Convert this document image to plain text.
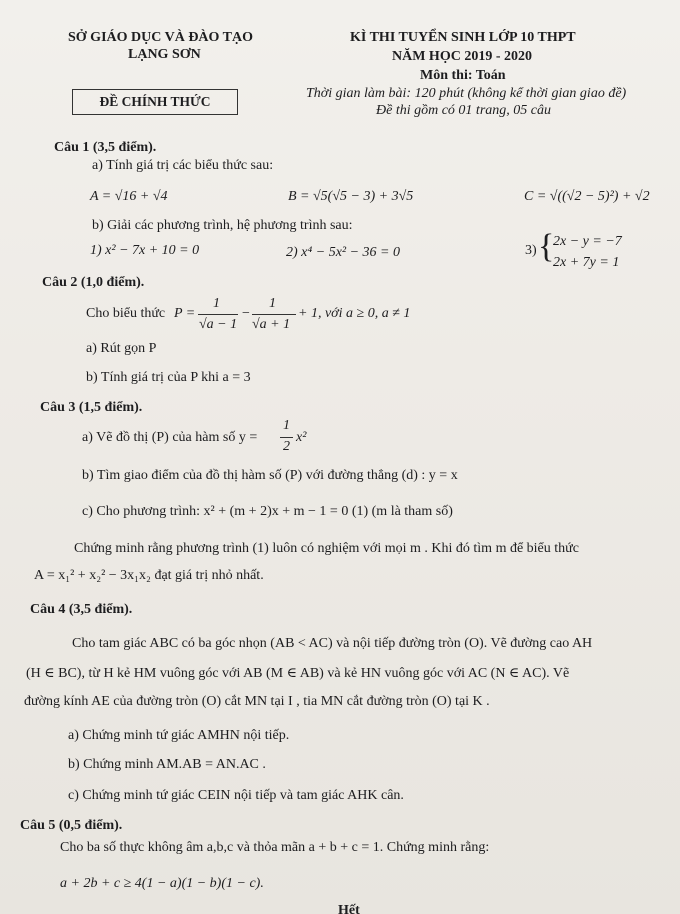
SỞ GIÁO DỤC VÀ ĐÀO TẠO
LẠNG SƠN
ĐỀ CHÍNH THỨC
KÌ THI TUYỂN SINH LỚP 10 THPT
NĂM HỌC 2019 - 2020
Môn thi: Toán
Thời gian làm bài: 120 phút (không kể thời gian giao đề)
Đề thi gồm có 01 trang, 05 câu
Câu 1 (3,5 điểm).
a) Tính giá trị các biểu thức sau:
A = √16 + √4	B = √5(√5 − 3) + 3√5	C = √((√2 − 5)²) + √2
b) Giải các phương trình, hệ phương trình sau:
1) x² − 7x + 10 = 0	2) x⁴ − 5x² − 36 = 0	3) {
2x − y = −7
2x + 7y = 1
Câu 2 (1,0 điểm).
Cho biểu thức P =
1
√a − 1
−
1
√a + 1
+ 1, với a ≥ 0, a ≠ 1
a) Rút gọn P
b) Tính giá trị của P khi a = 3
Câu 3 (1,5 điểm).
a) Vẽ đồ thị (P) của hàm số y =
1
2
x²
b) Tìm giao điểm của đồ thị hàm số (P) với đường thẳng (d) : y = x
c) Cho phương trình: x² + (m + 2)x + m − 1 = 0 (1) (m là tham số)
Chứng minh rằng phương trình (1) luôn có nghiệm với mọi m . Khi đó tìm m để biểu thức
A = x₁² + x₂² − 3x₁x₂ đạt giá trị nhỏ nhất.
Câu 4 (3,5 điểm).
Cho tam giác ABC có ba góc nhọn (AB < AC) và nội tiếp đường tròn (O). Vẽ đường cao AH
(H ∈ BC), từ H kẻ HM vuông góc với AB (M ∈ AB) và kẻ HN vuông góc với AC (N ∈ AC). Vẽ
đường kính AE của đường tròn (O) cắt MN tại I , tia MN cắt đường tròn (O) tại K .
a) Chứng minh tứ giác AMHN nội tiếp.
b) Chứng minh AM.AB = AN.AC .
c) Chứng minh tứ giác CEIN nội tiếp và tam giác AHK cân.
Câu 5 (0,5 điểm).
Cho ba số thực không âm a,b,c và thỏa mãn a + b + c = 1. Chứng minh rằng:
a + 2b + c ≥ 4(1 − a)(1 − b)(1 − c).
Hết
